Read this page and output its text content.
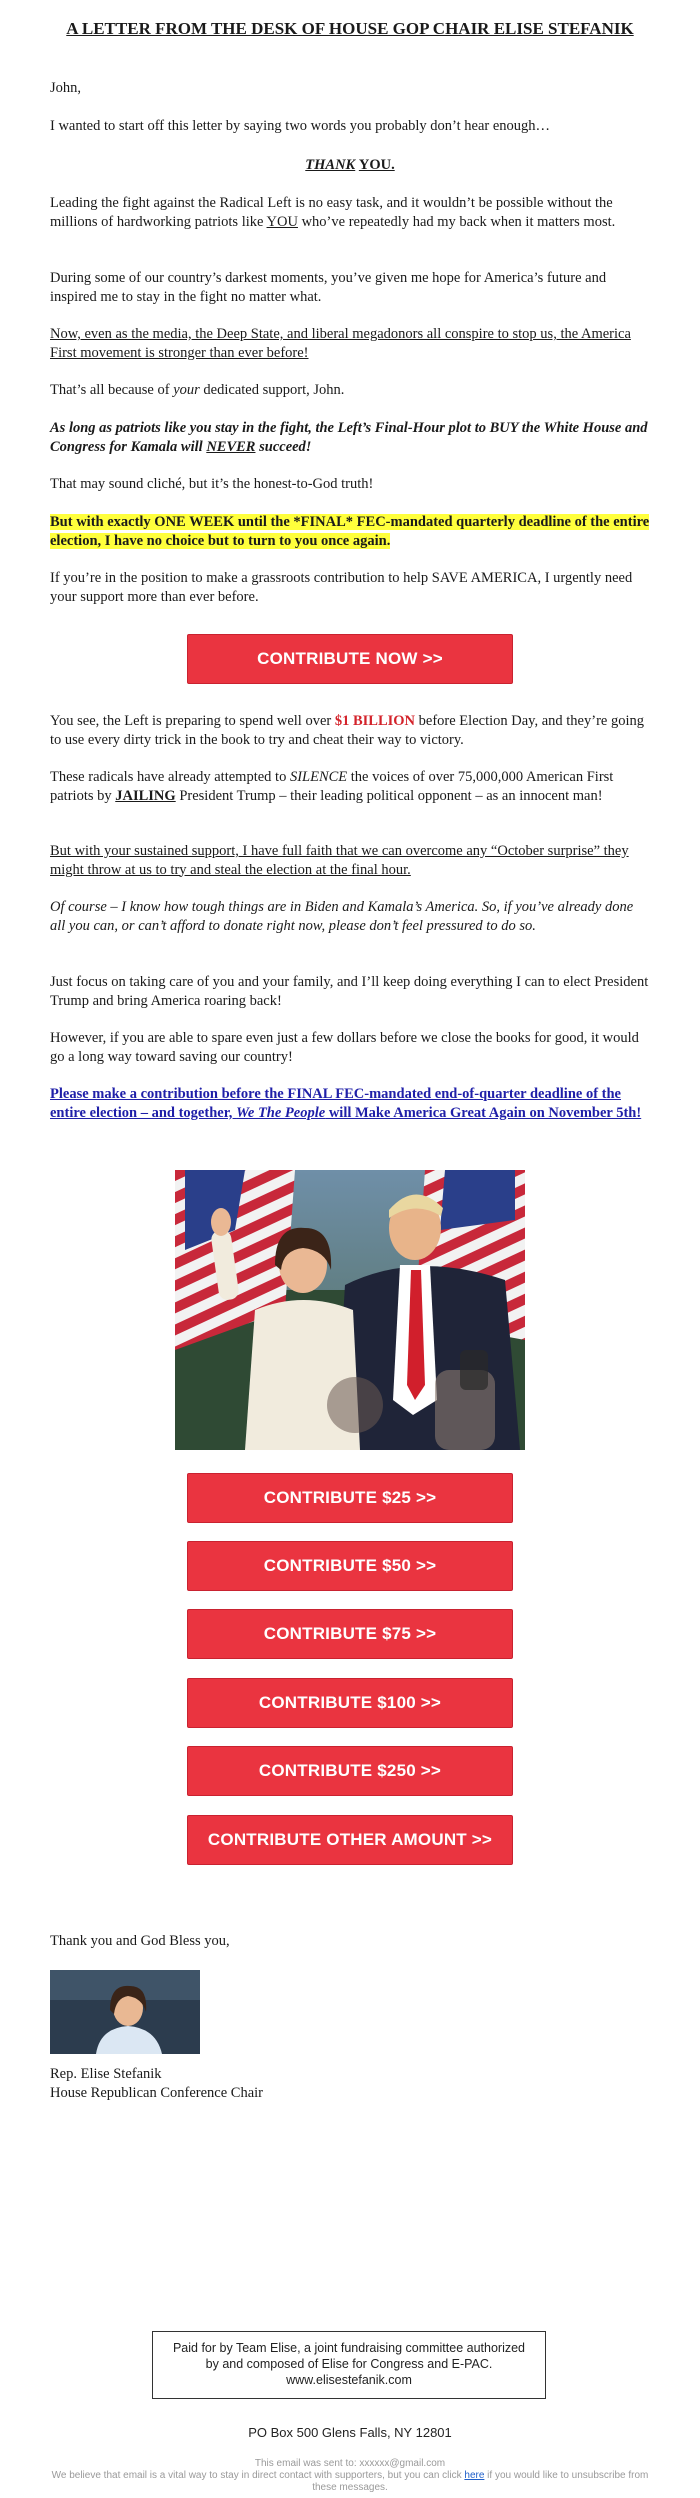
A LETTER FROM THE DESK OF HOUSE GOP CHAIR ELISE STEFANIK

John,

I wanted to start off this letter by saying two words you probably don’t hear enough…

THANK YOU.

Leading the fight against the Radical Left is no easy task, and it wouldn’t be possible without the millions of hardworking patriots like YOU who’ve repeatedly had my back when it matters most.

During some of our country’s darkest moments, you’ve given me hope for America’s future and inspired me to stay in the fight no matter what.

Now, even as the media, the Deep State, and liberal megadonors all conspire to stop us, the America First movement is stronger than ever before!

That’s all because of your dedicated support, John.

As long as patriots like you stay in the fight, the Left’s Final-Hour plot to BUY the White House and Congress for Kamala will NEVER succeed!

That may sound cliché, but it’s the honest-to-God truth!

But with exactly ONE WEEK until the *FINAL* FEC-mandated quarterly deadline of the entire election, I have no choice but to turn to you once again.

If you’re in the position to make a grassroots contribution to help SAVE AMERICA, I urgently need your support more than ever before.

CONTRIBUTE NOW >>

You see, the Left is preparing to spend well over $1 BILLION before Election Day, and they’re going to use every dirty trick in the book to try and cheat their way to victory.

These radicals have already attempted to SILENCE the voices of over 75,000,000 American First patriots by JAILING President Trump – their leading political opponent – as an innocent man!

But with your sustained support, I have full faith that we can overcome any “October surprise” they might throw at us to try and steal the election at the final hour.

Of course – I know how tough things are in Biden and Kamala’s America. So, if you’ve already done all you can, or can’t afford to donate right now, please don’t feel pressured to do so.

Just focus on taking care of you and your family, and I’ll keep doing everything I can to elect President Trump and bring America roaring back!

However, if you are able to spare even just a few dollars before we close the books for good, it would go a long way toward saving our country!

Please make a contribution before the FINAL FEC-mandated end-of-quarter deadline of the entire election – and together, We The People will Make America Great Again on November 5th!

CONTRIBUTE $25 >>
CONTRIBUTE $50 >>
CONTRIBUTE $75 >>
CONTRIBUTE $100 >>
CONTRIBUTE $250 >>
CONTRIBUTE OTHER AMOUNT >>

Thank you and God Bless you,

Rep. Elise Stefanik

House Republican Conference Chair

Paid for by Team Elise, a joint fundraising committee authorized by and composed of Elise for Congress and E-PAC. www.elisestefanik.com
PO Box 500 Glens Falls, NY 12801
This email was sent to: xxxxxx@gmail.com
We believe that email is a vital way to stay in direct contact with supporters, but you can click here if you would like to unsubscribe from these messages.
